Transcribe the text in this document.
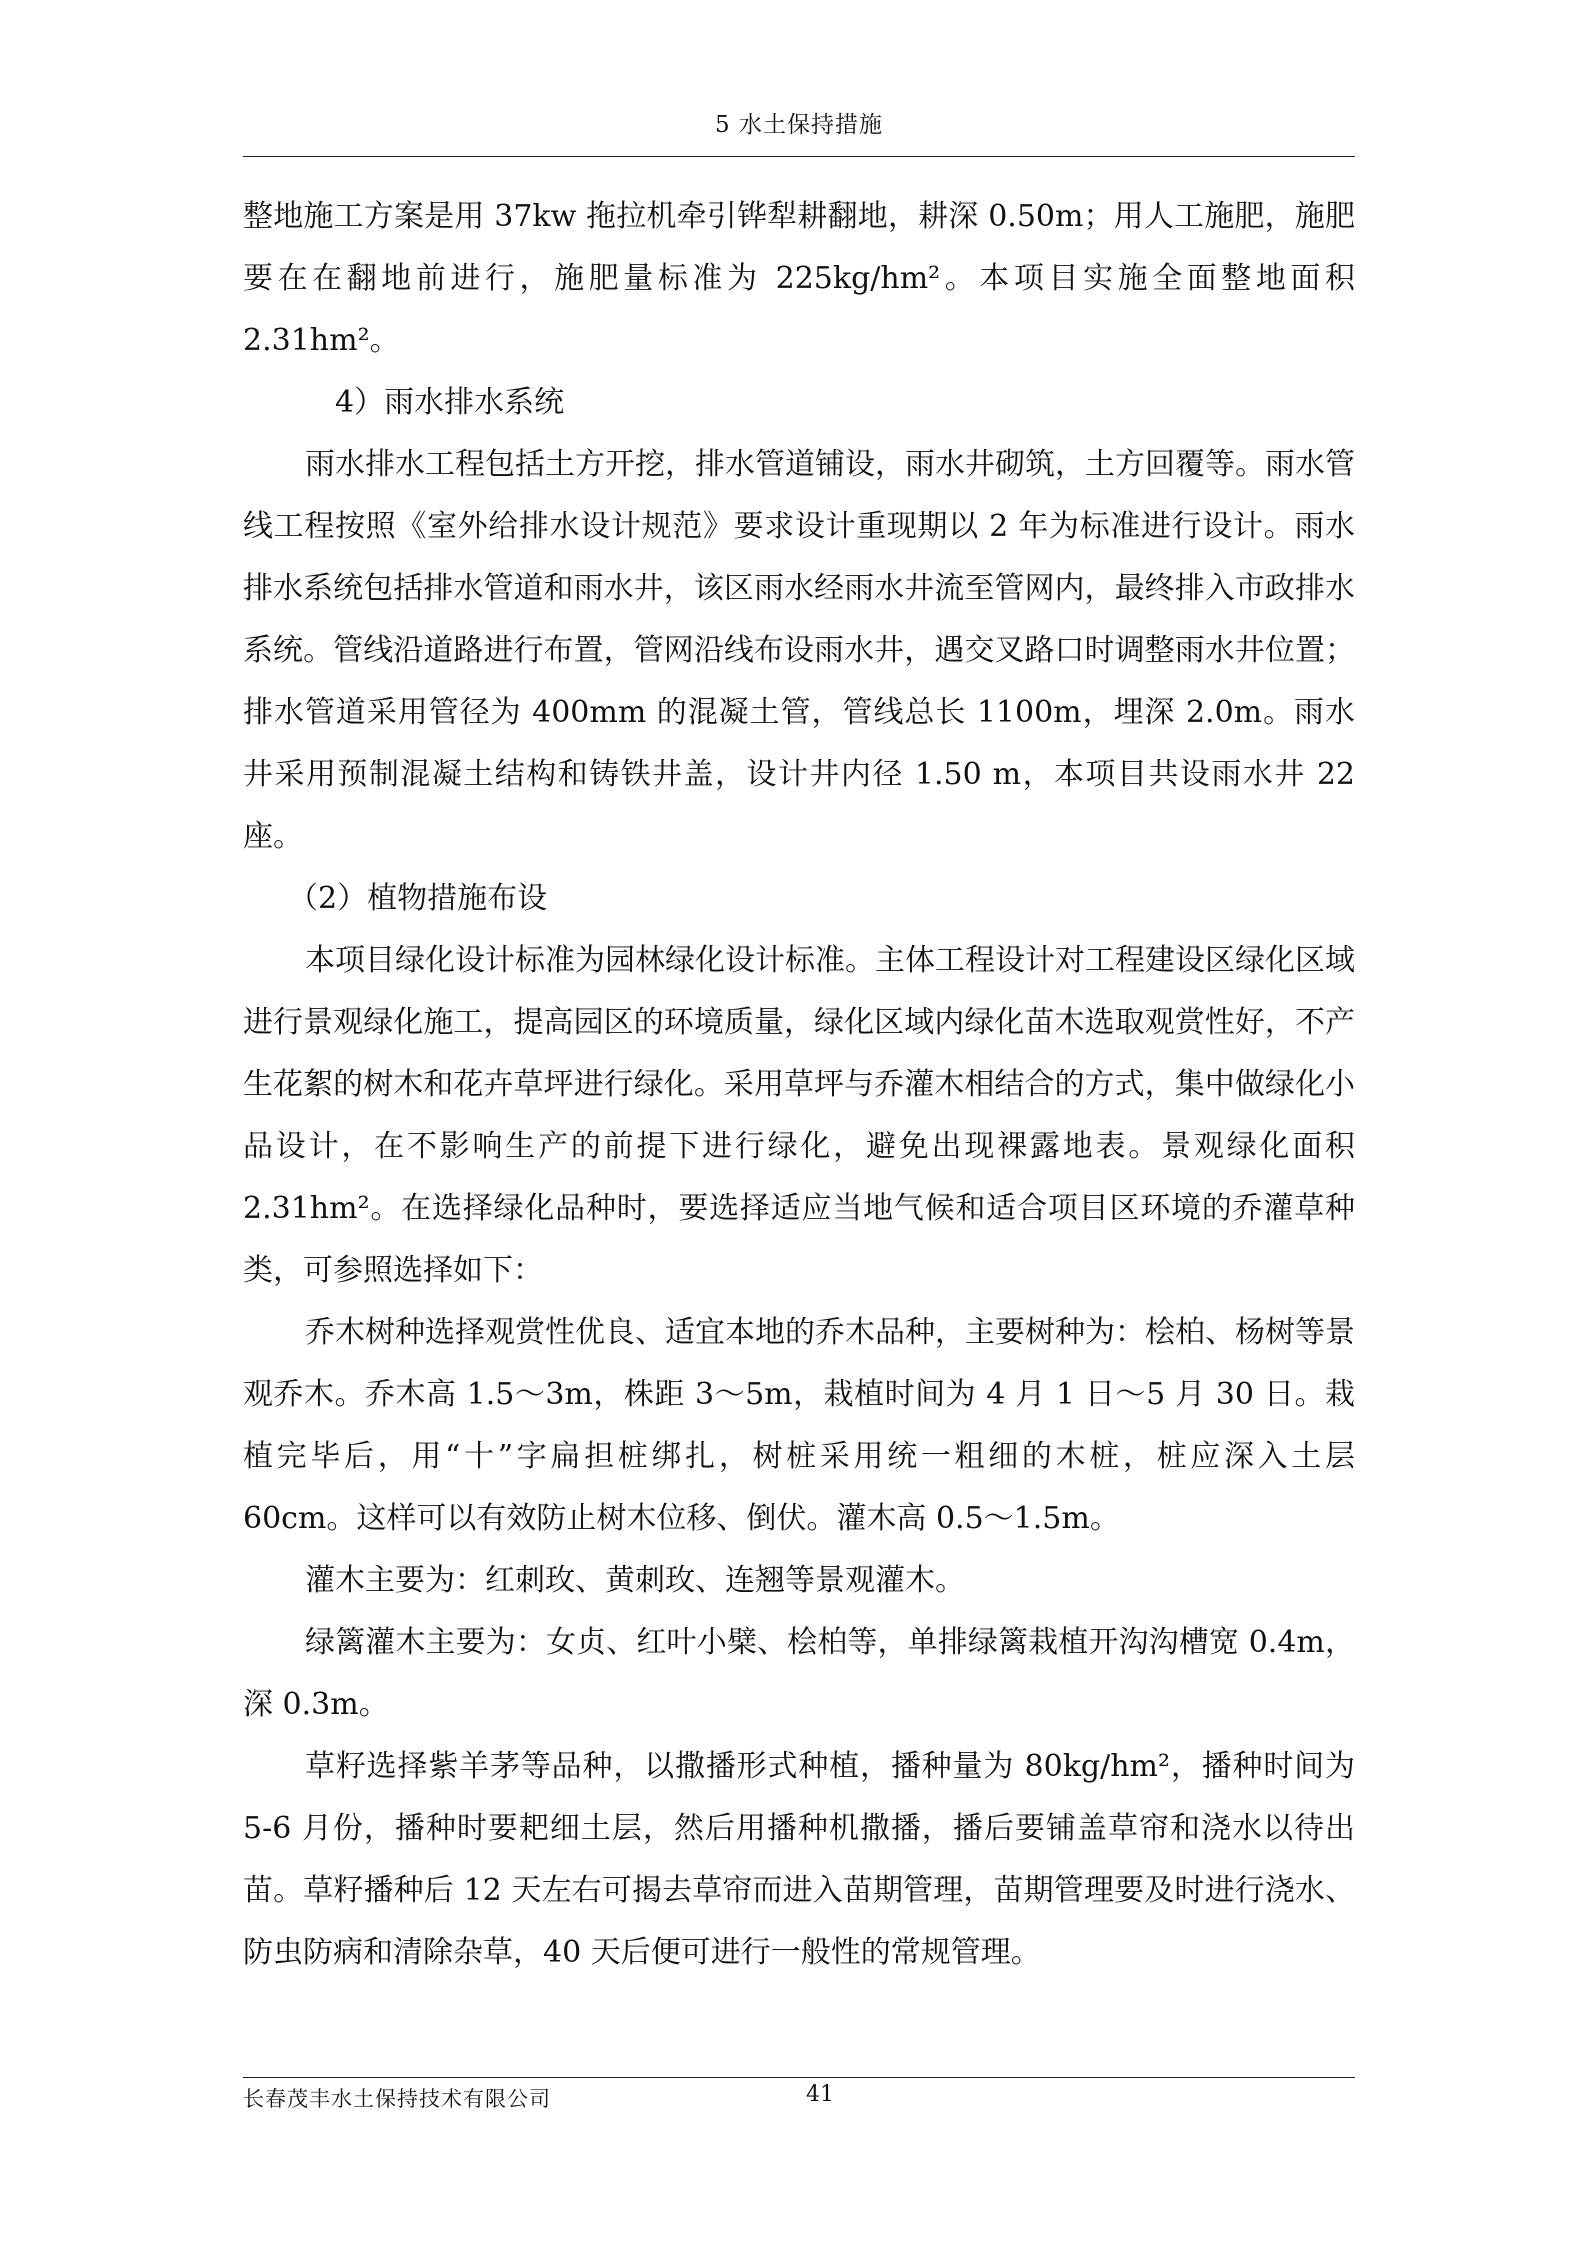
5 水土保持措施

整地施工方案是用 37kw 拖拉机牵引铧犁耕翻地，耕深 0.50m；用人工施肥，施肥要在在翻地前进行，施肥量标准为 225kg/hm²。本项目实施全面整地面积 2.31hm²。

4）雨水排水系统

雨水排水工程包括土方开挖，排水管道铺设，雨水井砌筑，土方回覆等。雨水管线工程按照《室外给排水设计规范》要求设计重现期以 2 年为标准进行设计。雨水排水系统包括排水管道和雨水井，该区雨水经雨水井流至管网内，最终排入市政排水系统。管线沿道路进行布置，管网沿线布设雨水井，遇交叉路口时调整雨水井位置；排水管道采用管径为 400mm 的混凝土管，管线总长 1100m，埋深 2.0m。雨水井采用预制混凝土结构和铸铁井盖，设计井内径 1.50 m，本项目共设雨水井 22 座。

（2）植物措施布设

本项目绿化设计标准为园林绿化设计标准。主体工程设计对工程建设区绿化区域进行景观绿化施工，提高园区的环境质量，绿化区域内绿化苗木选取观赏性好，不产生花絮的树木和花卉草坪进行绿化。采用草坪与乔灌木相结合的方式，集中做绿化小品设计，在不影响生产的前提下进行绿化，避免出现裸露地表。景观绿化面积 2.31hm²。在选择绿化品种时，要选择适应当地气候和适合项目区环境的乔灌草种类，可参照选择如下：

乔木树种选择观赏性优良、适宜本地的乔木品种，主要树种为：桧柏、杨树等景观乔木。乔木高 1.5～3m，株距 3～5m，栽植时间为 4 月 1 日～5 月 30 日。栽植完毕后，用“十”字扁担桩绑扎，树桩采用统一粗细的木桩，桩应深入土层 60cm。这样可以有效防止树木位移、倒伏。灌木高 0.5～1.5m。

灌木主要为：红刺玫、黄刺玫、连翘等景观灌木。

绿篱灌木主要为：女贞、红叶小檗、桧柏等，单排绿篱栽植开沟沟槽宽 0.4m，深 0.3m。

草籽选择紫羊茅等品种，以撒播形式种植，播种量为 80kg/hm²，播种时间为 5-6 月份，播种时要耙细土层，然后用播种机撒播，播后要铺盖草帘和浇水以待出苗。草籽播种后 12 天左右可揭去草帘而进入苗期管理，苗期管理要及时进行浇水、防虫防病和清除杂草，40 天后便可进行一般性的常规管理。

长春茂丰水土保持技术有限公司	41
